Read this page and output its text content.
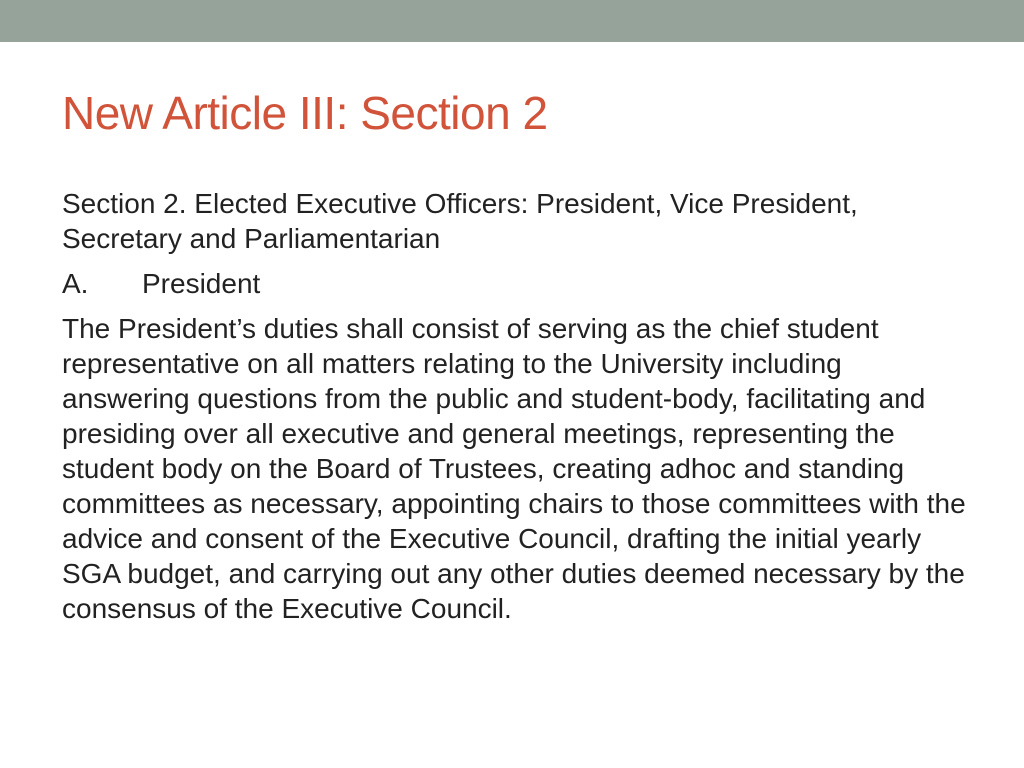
New Article III: Section 2

Section 2. Elected Executive Officers: President, Vice President, Secretary and Parliamentarian

A. President

The President’s duties shall consist of serving as the chief student representative on all matters relating to the University including answering questions from the public and student-body, facilitating and presiding over all executive and general meetings, representing the student body on the Board of Trustees, creating adhoc and standing committees as necessary, appointing chairs to those committees with the advice and consent of the Executive Council, drafting the initial yearly SGA budget, and carrying out any other duties deemed necessary by the consensus of the Executive Council.
